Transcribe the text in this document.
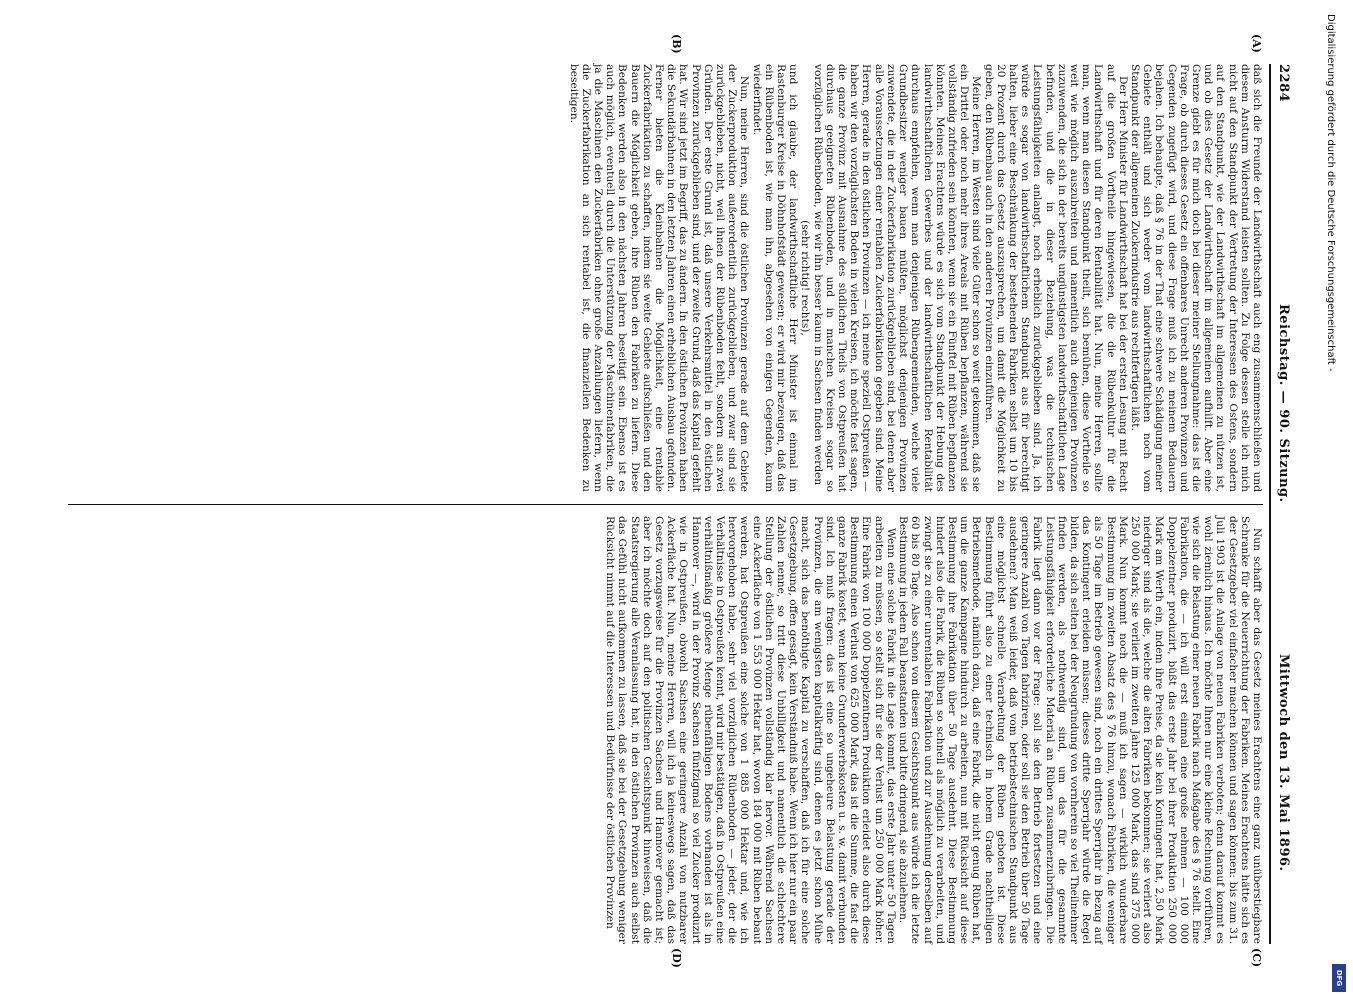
2284
Reichstag. — 90. Sitzung.
Mittwoch den 13. Mai 1896.

daß sich die Freunde der Landwirthschaft auch eng zusammenschließen und diesem Ansturm Widerstand leisten sollten. Zu Folge dessen stelle ich mich nicht auf den Standpunkt der Vertretung der Interessen des Ostens, sondern auf den Standpunkt, wie der Landwirthschaft im allgemeinen zu nützen ist, und ob dies Gesetz der Landwirthschaft im allgemeinen aufhilft. Aber eine Grenze giebt es für mich doch bei dieser meiner Stellungnahme: das ist die Frage, ob durch dieses Gesetz ein offenbares Unrecht anderen Provinzen und Gegenden zugefügt wird, und diese Frage muß ich zu meinem Bedauern bejahen. Ich behaupte, daß § 76 in der That eine schwere Schädigung meiner Gebiete enthält und sich weder vom landwirthschaftlichen noch vom Standpunkt der allgemeinen Zuckerindustrie aus rechtfertigen läßt.

Der Herr Minister für Landwirthschaft hat bei der ersten Lesung mit Recht auf die großen Vortheile hingewiesen, die die Rübenkultur für die Landwirthschaft und für deren Rentabilität hat. Nun, meine Herren, sollte man, wenn man diesen Standpunkt theilt, sich bemühen, diese Vortheile so weit wie möglich auszubreiten und namentlich auch denjenigen Provinzen zuzuwenden, die sich in der bereits ungünstigsten landwirthschaftlichen Lage befinden, und die in dieser Beziehung, was die technischen Leistungsfähigkeiten anlangt, noch erheblich zurückgeblieben sind. Ja, ich würde es sogar von landwirthschaftlichem Standpunkt aus für berechtigt halten, lieber eine Beschränkung der bestehenden Fabriken selbst um 10 bis 20 Prozent durch das Gesetz auszusprechen, um damit die Möglichkeit zu geben, den Rübenbau auch in den anderen Provinzen einzuführen.

Meine Herren, im Westen sind viele Güter schon so weit gekommen, daß sie ein Drittel oder noch mehr ihres Areals mit Rüben bepflanzen, während sie vollständig zufrieden sein könnten, wenn sie ein Fünftel mit Rüben bepflanzen könnten. Meines Erachtens würde es sich vom Standpunkt der Hebung des landwirthschaftlichen Gewerbes und der landwirthschaftlichen Rentabilität durchaus empfehlen, wenn man denjenigen Rübengemeinden, welche viele Grundbesitzer weniger bauen müßten, möglichst denjenigen Provinzen zuwendete, die in der Zuckerfabrikation zurückgeblieben sind, bei denen aber alle Voraussetzungen einer rentablen Zuckerfabrikation gegeben sind. Meine Herren, gerade in den östlichen Provinzen — ich meine speziell Ostpreußen — haben wir den vorzüglichsten Boden in vielen Kreisen, ich möchte fast sagen, die ganze Provinz mit Ausnahme des südlichen Theils von Ostpreußen hat durchaus geeigneten Rübenboden, und in manchen Kreisen sogar so vorzüglichen Rübenboden, wie wir ihn besser kaum in Sachsen finden werden

(sehr richtig! rechts),

und ich glaube, der landwirthschaftliche Herr Minister ist einmal im Rastenburger Kreise in Döhnhofstädt gewesen; er wird mir bezeugen, daß das ein Rübenboden ist, wie man ihn, abgesehen von einigen Gegenden, kaum wiederfindet.

Nun, meine Herren, sind die östlichen Provinzen gerade auf dem Gebiete der Zuckerproduktion außerordentlich zurückgeblieben, und zwar sind sie zurückgeblieben, nicht, weil ihnen der Rübenboden fehlt, sondern aus zwei Gründen. Der erste Grund ist, daß unsere Verkehrsmittel in den östlichen Provinzen zurückgeblieben sind, und der zweite Grund, daß das Kapital gefehlt hat. Wir sind jetzt im Begriff, das zu ändern. In den östlichen Provinzen haben die Sekundärbahnen in den letzten Jahren einen erheblichen Ausbau gefunden. Ferner bieten die Kleinbahnen die Möglichkeit, eine rentable Zuckerfabrikation zu schaffen, indem sie weite Gebiete aufschließen und den Bauern die Möglichkeit geben, ihre Rüben den Fabriken zu liefern. Diese Bedenken werden also in den nächsten Jahren beseitigt sein. Ebenso ist es auch möglich, eventuell durch die Unterstützung der Maschinenfabriken, die ja die Maschinen den Zuckerfabriken ohne große Anzahlungen liefern, wenn die Zuckerfabrikation an sich rentabel ist, die finanziellen Bedenken zu beseitigen.

Nun schafft aber das Gesetz meines Erachtens eine ganz unüberstiegbare Schranke für die Neuerrichtung der Fabriken. Meines Erachtens hätte sich es der Gesetzgeber viel einfacher machen können und sagen können: bis zum 31. Juli 1903 ist die Anlage von neuen Fabriken verboten; denn darauf kommt es wohl ziemlich hinaus. Ich möchte Ihnen nur eine kleine Rechnung vorführen, wie sich die Belastung einer neuen Fabrik nach Maßgabe des § 76 stellt. Eine Fabrikation, die — ich will erst einmal eine große nehmen — 100 000 Doppelzentner produzirt, büßt das erste Jahr bei ihrer Produktion 250 000 Mark am Werth ein, indem ihre Preise, da sie kein Kontingent hat, 2,50 Mark niedriger sind als die, welche die alten Fabriken bekommen; sie verliert also 250 000 Mark; sie verliert im zweiten Jahre 125 000 Mark, das sind 375 000 Mark. Nun kommt noch die — muß ich sagen — wirklich wunderbare Bestimmung im zweiten Absatz des § 76 hinzu, wonach Fabriken, die weniger als 50 Tage im Betrieb gewesen sind, noch ein drittes Sperrjahr in Bezug auf das Kontingent erleiden müssen; dieses dritte Sperrjahr würde die Regel bilden, da sich selten bei der Neugründung von vornherein so viel Theilnehmer finden werden, als nothwendig sind, um das für die gesammte Leistungsfähigkeit erforderliche Material an Rüben zusammenzubringen. Die Fabrik liegt dann vor der Frage: soll sie den Betrieb fortsetzen und eine geringere Anzahl von Tagen fabriziren, oder soll sie den Betrieb über 50 Tage ausdehnen? Man weiß leider, daß vom betriebstechnischen Standpunkt aus eine möglichst schnelle Verarbeitung der Rüben geboten ist. Diese Bestimmung führt also zu einer technisch in hohem Grade nachtheiligen Betriebsmethode, nämlich dazu, daß eine Fabrik, die nicht genug Rüben hat, um die ganze Kampagne hindurch zu arbeiten, nun mit Rücksicht auf diese Bestimmung ihre Fabrikation über 50 Tage ausdehnt. Diese Bestimmung hindert also die Fabrik, die Rüben so schnell als möglich zu verarbeiten, und zwingt sie zu einer unrentablen Fabrikation und zur Ausdehnung derselben auf 60 bis 80 Tage. Also schon von diesem Gesichtspunkt aus würde ich die letzte Bestimmung in jedem Fall beanstanden und bitte dringend, sie abzulehnen.

Wenn eine solche Fabrik in die Lage kommt, das erste Jahr unter 50 Tagen arbeiten zu müssen, so stellt sich für sie der Verlust um 250 000 Mark höher. Eine Fabrik von 100 000 Doppelzentnern Produktion erleidet also durch diese Bestimmung einen Verlust von 625 000 Mark, das ist die Summe, die fast die ganze Fabrik kostet, wenn keine Grunderwerbskosten u. s. w. damit verbunden sind. Ich muß fragen: das ist eine so ungeheure Belastung gerade der Provinzen, die am wenigsten kapitalkräftig sind, denen es jetzt schon Mühe macht, sich das benöthigte Kapital zu verschaffen, daß ich für eine solche Gesetzgebung, offen gesagt, kein Verständniß habe. Wenn ich hier nur ein paar Zahlen nenne, so tritt diese Unbilligkeit und namentlich die schlechtere Stellung der östlichen Provinzen vollständig klar hervor. Während Sachsen eine Ackerfläche von 1 553 000 Hektar hat, wovon 184 000 mit Rüben bebaut werden, hat Ostpreußen eine solche von 1 885 000 Hektar und, wie ich hervorgehoben habe, sehr viel vorzüglichen Rübenboden — jeder, der die Verhältnisse in Ostpreußen kennt, wird mir bestätigen, daß in Ostpreußen eine verhältnißmäßig größere Menge rübenfähigen Bodens vorhanden ist als in Hannover —, wird in der Provinz Sachsen fünfzigmal so viel Zucker produzirt wie in Ostpreußen, obwohl Sachsen eine geringere Anzahl von nutzbarer Ackerfläche hat. Nun, meine Herren, will ich ja keineswegs sagen, daß das Gesetz vorzugsweise für die Provinzen Sachsen und Hannover gemacht ist; aber ich möchte doch auf den politischen Gesichtspunkt hinweisen, daß die Staatsregierung alle Veranlassung hat, in den östlichen Provinzen auch selbst das Gefühl nicht aufkommen zu lassen, daß sie bei der Gesetzgebung weniger Rücksicht nimmt auf die Interessen und Bedürfnisse der östlichen Provinzen

(A)
(B)
(C)
(D)
Digitalisierung gefördert durch die Deutsche Forschungsgemeinschaft -
DFG
